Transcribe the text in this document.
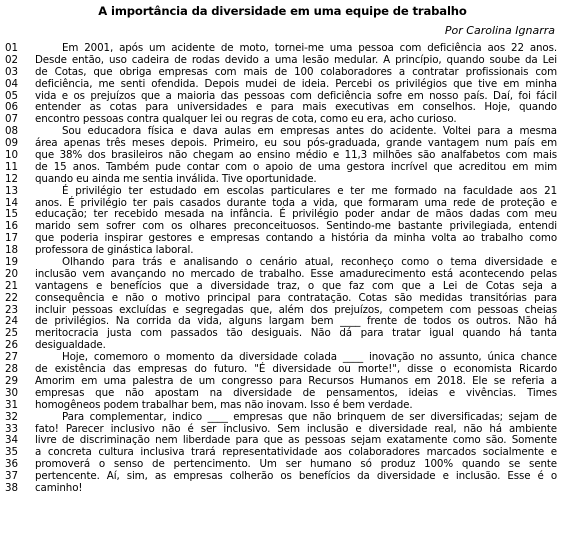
A importância da diversidade em uma equipe de trabalho
Por Carolina Ignarra
01	Em 2001, após um acidente de moto, tornei-me uma pessoa com deficiência aos 22 anos.
02	Desde então, uso cadeira de rodas devido a uma lesão medular. A princípio, quando soube da Lei
03	de Cotas, que obriga empresas com mais de 100 colaboradores a contratar profissionais com
04	deficiência, me senti ofendida. Depois mudei de ideia. Percebi os privilégios que tive em minha
05	vida e os prejuízos que a maioria das pessoas com deficiência sofre em nosso país. Daí, foi fácil
06	entender as cotas para universidades e para mais executivas em conselhos. Hoje, quando
07	encontro pessoas contra qualquer lei ou regras de cota, como eu era, acho curioso.
08	Sou educadora física e dava aulas em empresas antes do acidente. Voltei para a mesma
09	área apenas três meses depois. Primeiro, eu sou pós-graduada, grande vantagem num país em
10	que 38% dos brasileiros não chegam ao ensino médio e 11,3 milhões são analfabetos com mais
11	de 15 anos. Também pude contar com o apoio de uma gestora incrível que acreditou em mim
12	quando eu ainda me sentia inválida. Tive oportunidade.
13	É privilégio ter estudado em escolas particulares e ter me formado na faculdade aos 21
14	anos. É privilégio ter pais casados durante toda a vida, que formaram uma rede de proteção e
15	educação; ter recebido mesada na infância. É privilégio poder andar de mãos dadas com meu
16	marido sem sofrer com os olhares preconceituosos. Sentindo-me bastante privilegiada, entendi
17	que poderia inspirar gestores e empresas contando a história da minha volta ao trabalho como
18	professora de ginástica laboral.
19	Olhando para trás e analisando o cenário atual, reconheço como o tema diversidade e
20	inclusão vem avançando no mercado de trabalho. Esse amadurecimento está acontecendo pelas
21	vantagens e benefícios que a diversidade traz, o que faz com que a Lei de Cotas seja a
22	consequência e não o motivo principal para contratação. Cotas são medidas transitórias para
23	incluir pessoas excluídas e segregadas que, além dos prejuízos, competem com pessoas cheias
24	de privilégios. Na corrida da vida, alguns largam bem ____ frente de todos os outros. Não há
25	meritocracia justa com passados tão desiguais. Não dá para tratar igual quando há tanta
26	desigualdade.
27	Hoje, comemoro o momento da diversidade colada ____ inovação no assunto, única chance
28	de existência das empresas do futuro. "É diversidade ou morte!", disse o economista Ricardo
29	Amorim em uma palestra de um congresso para Recursos Humanos em 2018. Ele se referia a
30	empresas que não apostam na diversidade de pensamentos, ideias e vivências. Times
31	homogêneos podem trabalhar bem, mas não inovam. Isso é bem verdade.
32	Para complementar, indico ____ empresas que não brinquem de ser diversificadas; sejam de
33	fato! Parecer inclusivo não é ser inclusivo. Sem inclusão e diversidade real, não há ambiente
34	livre de discriminação nem liberdade para que as pessoas sejam exatamente como são. Somente
35	a concreta cultura inclusiva trará representatividade aos colaboradores marcados socialmente e
36	promoverá o senso de pertencimento. Um ser humano só produz 100% quando se sente
37	pertencente. Aí, sim, as empresas colherão os benefícios da diversidade e inclusão. Esse é o
38	caminho!
